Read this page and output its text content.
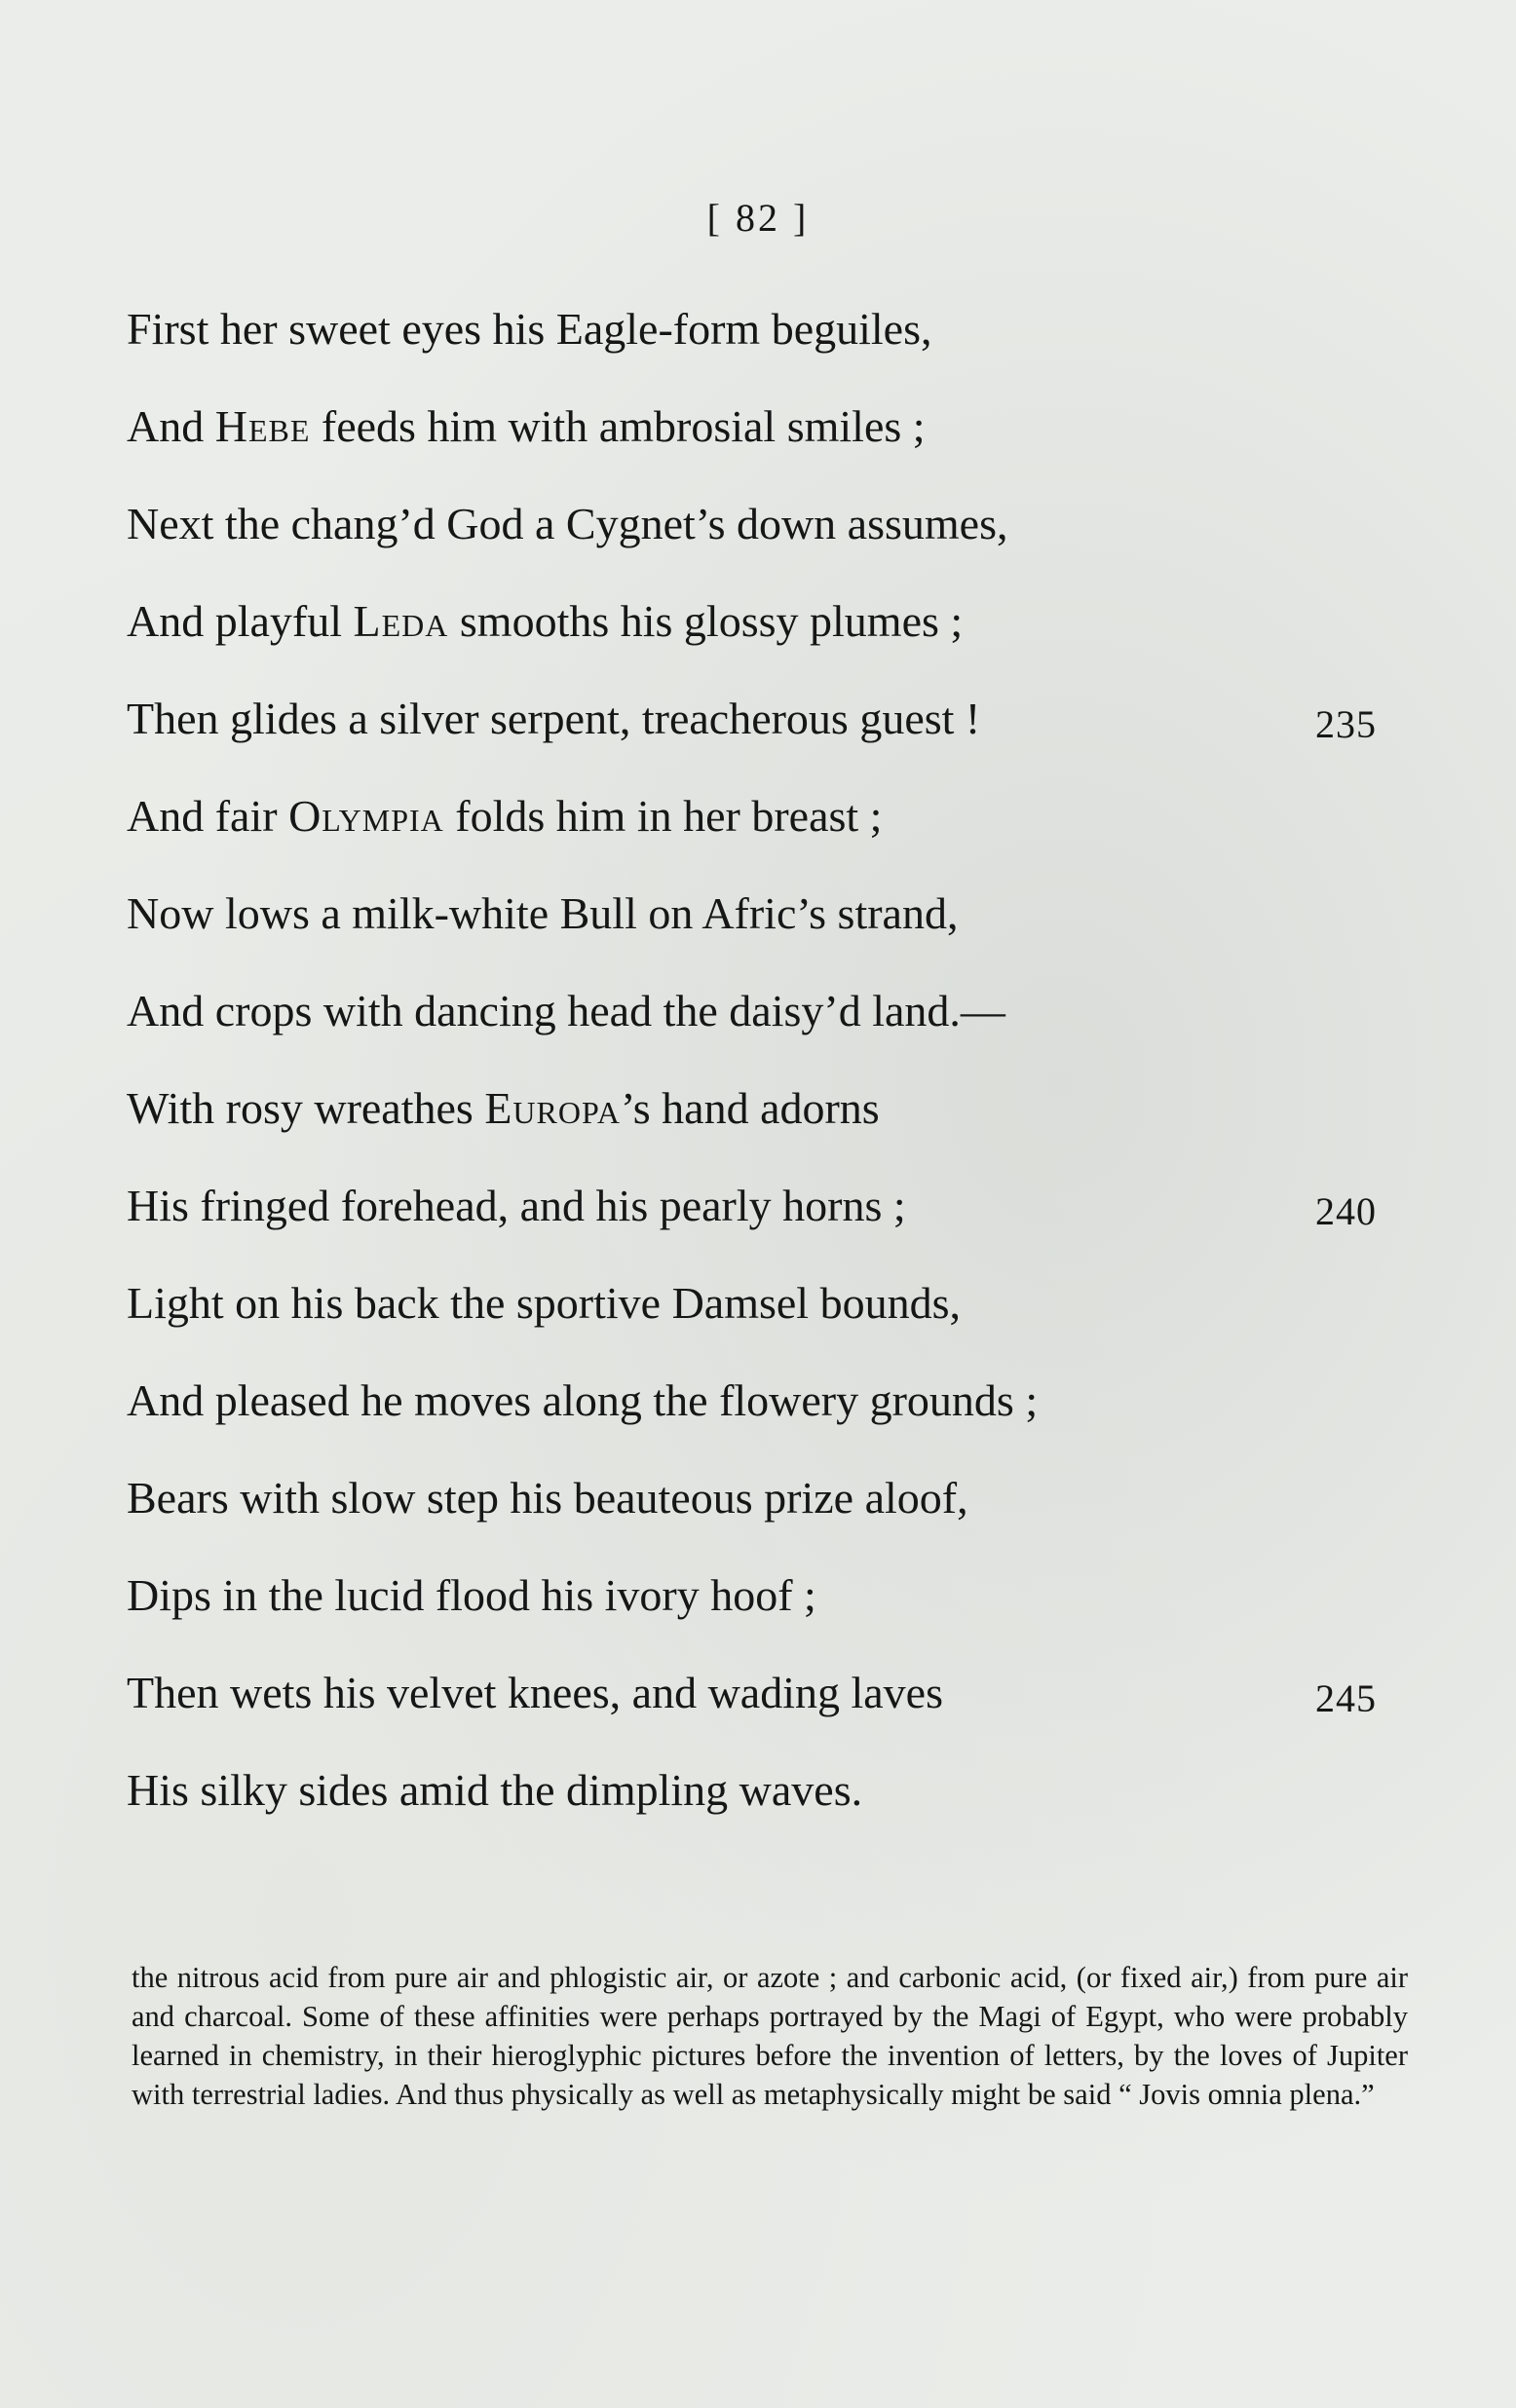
[ 82 ]
First her sweet eyes his Eagle-form beguiles,
And Hebe feeds him with ambrosial smiles ;
Next the chang’d God a Cygnet’s down assumes,
And playful Leda smooths his glossy plumes ;
Then glides a silver serpent, treacherous guest !	235
And fair Olympia folds him in her breast ;
Now lows a milk-white Bull on Afric’s strand,
And crops with dancing head the daisy’d land.—
With rosy wreathes Europa’s hand adorns
His fringed forehead, and his pearly horns ;	240
Light on his back the sportive Damsel bounds,
And pleased he moves along the flowery grounds ;
Bears with slow step his beauteous prize aloof,
Dips in the lucid flood his ivory hoof ;
Then wets his velvet knees, and wading laves	245
His silky sides amid the dimpling waves.

the nitrous acid from pure air and phlogistic air, or azote ; and carbonic acid, (or fixed air,) from pure air and charcoal. Some of these affinities were perhaps portrayed by the Magi of Egypt, who were probably learned in chemistry, in their hieroglyphic pictures before the invention of letters, by the loves of Jupiter with terrestrial ladies. And thus physically as well as metaphysically might be said “ Jovis omnia plena.”
